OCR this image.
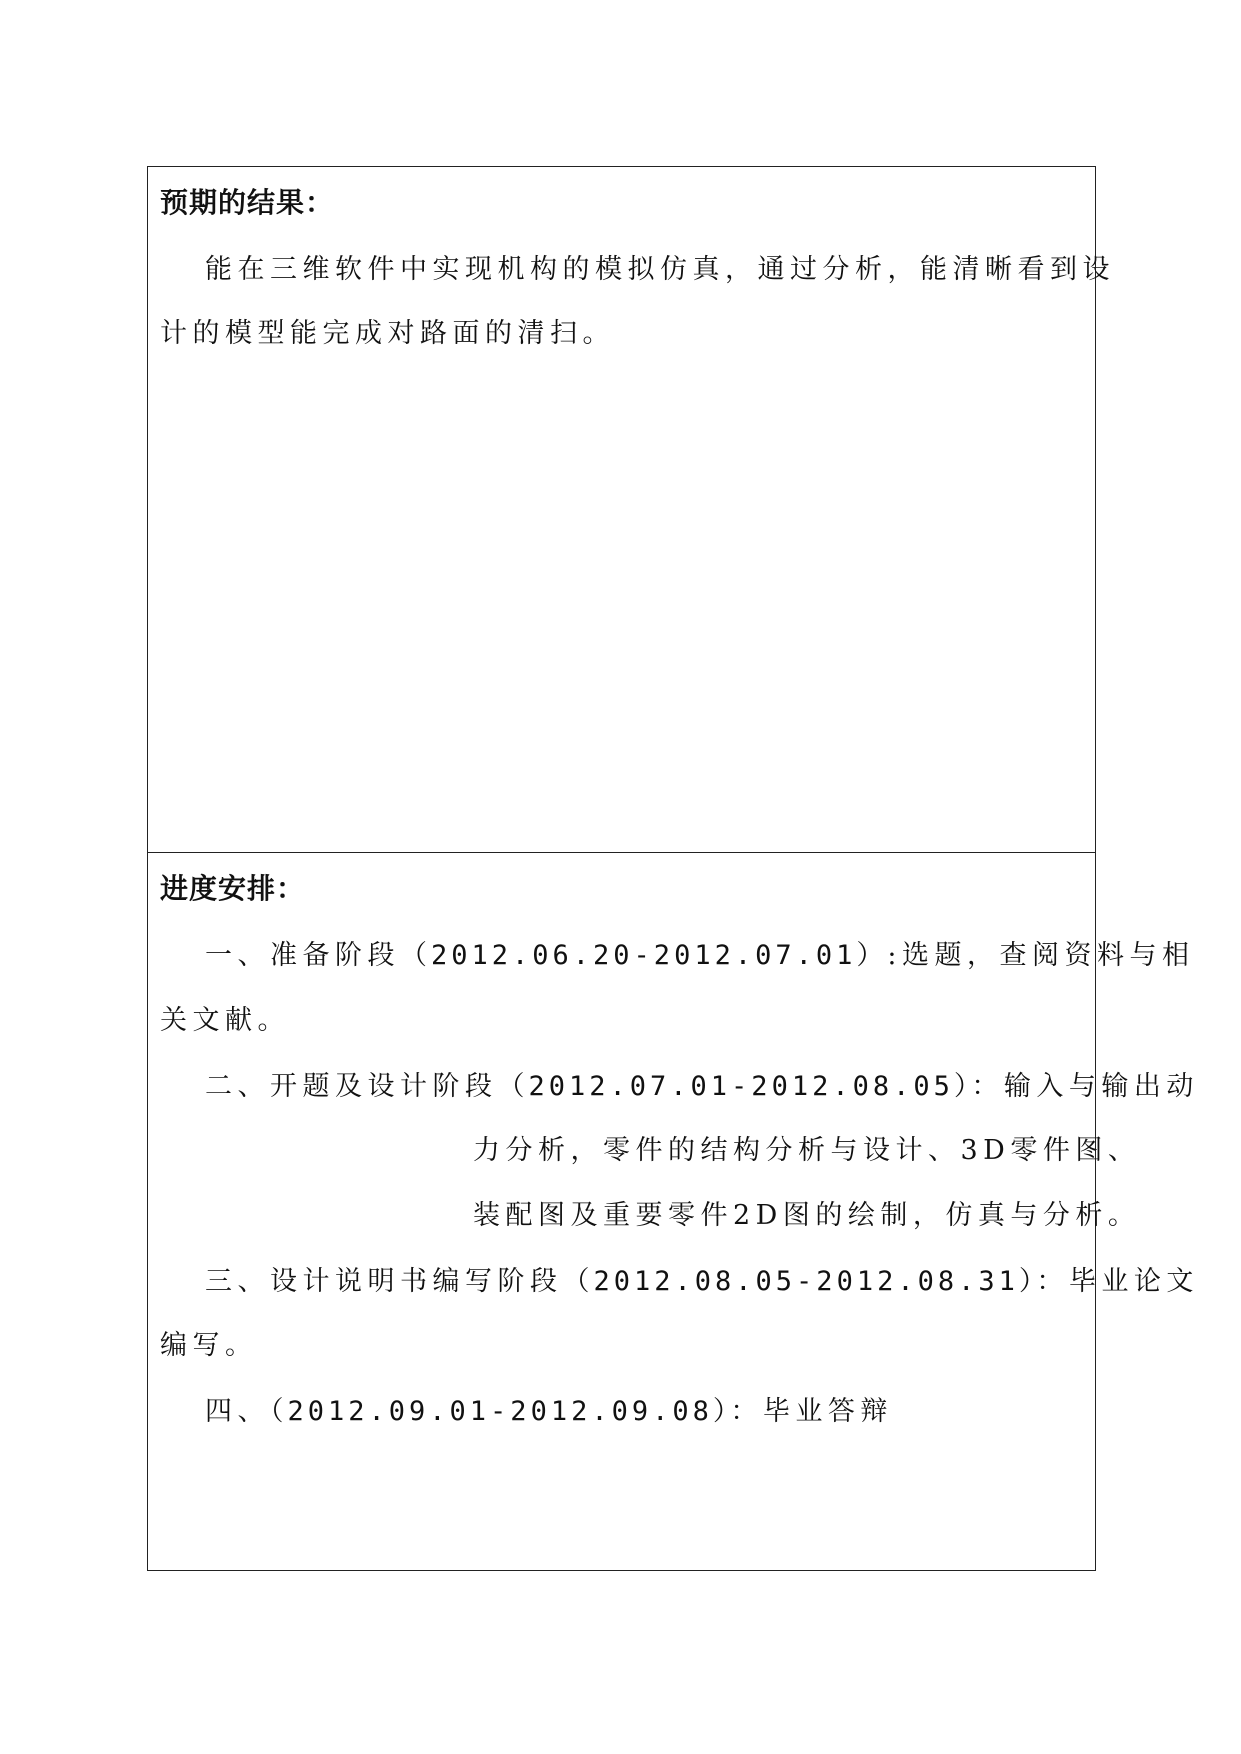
预期的结果：
能在三维软件中实现机构的模拟仿真，通过分析，能清晰看到设
计的模型能完成对路面的清扫。
进度安排：
一、准备阶段（2012.06.20-2012.07.01）:选题，查阅资料与相
关文献。
二、开题及设计阶段（2012.07.01-2012.08.05）：输入与输出动
力分析，零件的结构分析与设计、3D零件图、
装配图及重要零件2D图的绘制，仿真与分析。
三、设计说明书编写阶段（2012.08.05-2012.08.31）：毕业论文
编写。
四、（2012.09.01-2012.09.08）：毕业答辩
